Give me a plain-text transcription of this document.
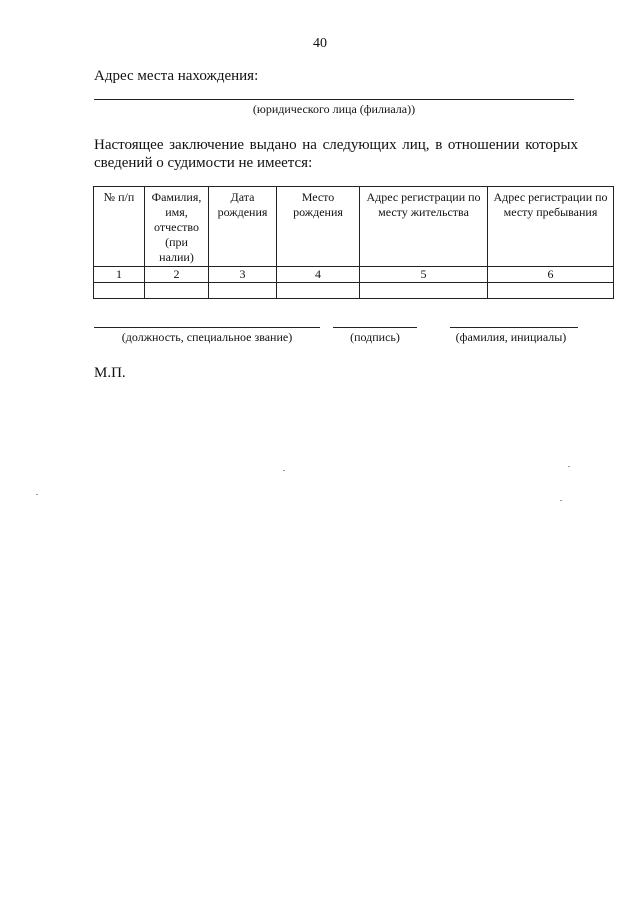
40
Адрес места нахождения:
(юридического лица (филиала))
Настоящее заключение выдано на следующих лиц, в отношении которых сведений о судимости не имеется:
№ п/п	Фамилия, имя, отчество (при налии)	Дата рождения	Место рождения	Адрес регистрации по месту жительства	Адрес регистрации по месту пребывания
1	2	3	4	5	6

(должность, специальное звание)	(подпись)	(фамилия, инициалы)
М.П.
